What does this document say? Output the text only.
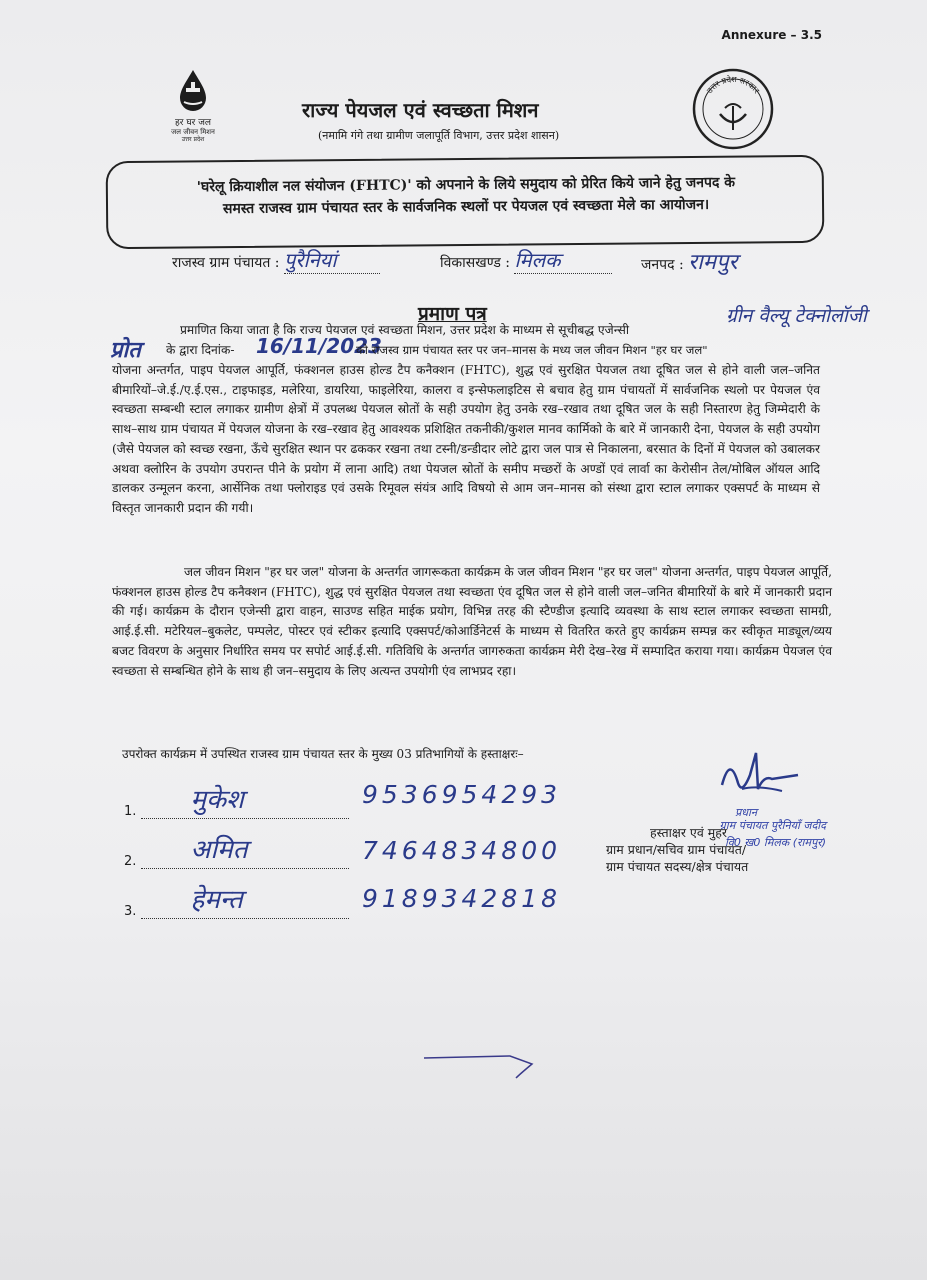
Annexure – 3.5
हर घर जल
जल जीवन मिशन
उत्तर प्रदेश
उत्तर प्रदेश सरकार
राज्य पेयजल एवं स्वच्छता मिशन
(नमामि गंगे तथा ग्रामीण जलापूर्ति विभाग, उत्तर प्रदेश शासन)
'घरेलू क्रियाशील नल संयोजन (FHTC)' को अपनाने के लिये समुदाय को प्रेरित किये जाने हेतु जनपद के
समस्त राजस्व ग्राम पंचायत स्तर के सार्वजनिक स्थलों पर पेयजल एवं स्वच्छता मेले का आयोजन।
राजस्व ग्राम पंचायत : पुरैनियां	विकासखण्ड : मिलक	जनपद : रामपुर
प्रमाण पत्र	ग्रीन वैल्यू टेक्नोलॉजी
प्रोत
प्रमाणित किया जाता है कि राज्य पेयजल एवं स्वच्छता मिशन, उत्तर प्रदेश के माध्यम से सूचीबद्ध एजेन्सी
के द्वारा दिनांक-	16/11/2023
को राजस्व ग्राम पंचायत स्तर पर जन–मानस के मध्य जल जीवन मिशन "हर घर जल"
योजना अन्तर्गत, पाइप पेयजल आपूर्ति, फंक्शनल हाउस होल्ड टैप कनैक्शन (FHTC), शुद्ध एवं सुरक्षित पेयजल तथा दूषित जल से होने वाली जल–जनित बीमारियों–जे.ई./ए.ई.एस., टाइफाइड, मलेरिया, डायरिया, फाइलेरिया, कालरा व इन्सेफलाइटिस से बचाव हेतु ग्राम पंचायतों में सार्वजनिक स्थलो पर पेयजल एंव स्वच्छता सम्बन्धी स्टाल लगाकर ग्रामीण क्षेत्रों में उपलब्ध पेयजल स्रोतों के सही उपयोग हेतु उनके रख–रखाव तथा दूषित जल के सही निस्तारण हेतु जिम्मेदारी के साथ–साथ ग्राम पंचायत में पेयजल योजना के रख–रखाव हेतु आवश्यक प्रशिक्षित तकनीकी/कुशल मानव कार्मिको के बारे में जानकारी देना, पेयजल के सही उपयोग (जैसे पेयजल को स्वच्छ रखना, ऊँचे सुरक्षित स्थान पर ढककर रखना तथा टस्नी/डन्डीदार लोटे द्वारा जल पात्र से निकालना, बरसात के दिनों में पेयजल को उबालकर अथवा क्लोरिन के उपयोग उपरान्त पीने के प्रयोग में लाना आदि) तथा पेयजल स्रोतों के समीप मच्छरों के अण्डों एवं लार्वा का केरोसीन तेल/मोबिल ऑयल आदि डालकर उन्मूलन करना, आर्सेनिक तथा फ्लोराइड एवं उसके रिमूवल संयंत्र आदि विषयो से आम जन–मानस को संस्था द्वारा स्टाल लगाकर एक्सपर्ट के माध्यम से विस्तृत जानकारी प्रदान की गयी।
जल जीवन मिशन "हर घर जल" योजना के अन्तर्गत जागरूकता कार्यक्रम के जल जीवन मिशन "हर घर जल" योजना अन्तर्गत, पाइप पेयजल आपूर्ति, फंक्शनल हाउस होल्ड टैप कनैक्शन (FHTC), शुद्ध एवं सुरक्षित पेयजल तथा स्वच्छता एंव दूषित जल से होने वाली जल–जनित बीमारियों के बारे में जानकारी प्रदान की गई। कार्यक्रम के दौरान एजेन्सी द्वारा वाहन, साउण्ड सहित माईक प्रयोग, विभिन्न तरह की स्टैण्डीज इत्यादि व्यवस्था के साथ स्टाल लगाकर स्वच्छता सामग्री, आई.ई.सी. मटेरियल–बुकलेट, पम्पलेट, पोस्टर एवं स्टीकर इत्यादि एक्सपर्ट/कोआर्डिनेटर्स के माध्यम से वितरित करते हुए कार्यक्रम सम्पन्न कर स्वीकृत माड्यूल/व्यय बजट विवरण के अनुसार निर्धारित समय पर सपोर्ट आई.ई.सी. गतिविधि के अन्तर्गत जागरुकता कार्यक्रम मेरी देख–रेख में सम्पादित कराया गया। कार्यक्रम पेयजल एंव स्वच्छता से सम्बन्धित होने के साथ ही जन–समुदाय के लिए अत्यन्त उपयोगी एंव लाभप्रद रहा।
उपरोक्त कार्यक्रम में उपस्थित राजस्व ग्राम पंचायत स्तर के मुख्य 03 प्रतिभागियों के हस्ताक्षरः–
1. मुकेश	9536954293
2. अमित	7464834800
3. हेमन्त	9189342818
प्रधान
ग्राम पंचायत पुरैनियाँ जदीद
वि0 ख0 मिलक (रामपुर)
हस्ताक्षर एवं मुहर
ग्राम प्रधान/सचिव ग्राम पंचायत/
ग्राम पंचायत सदस्य/क्षेत्र पंचायत
